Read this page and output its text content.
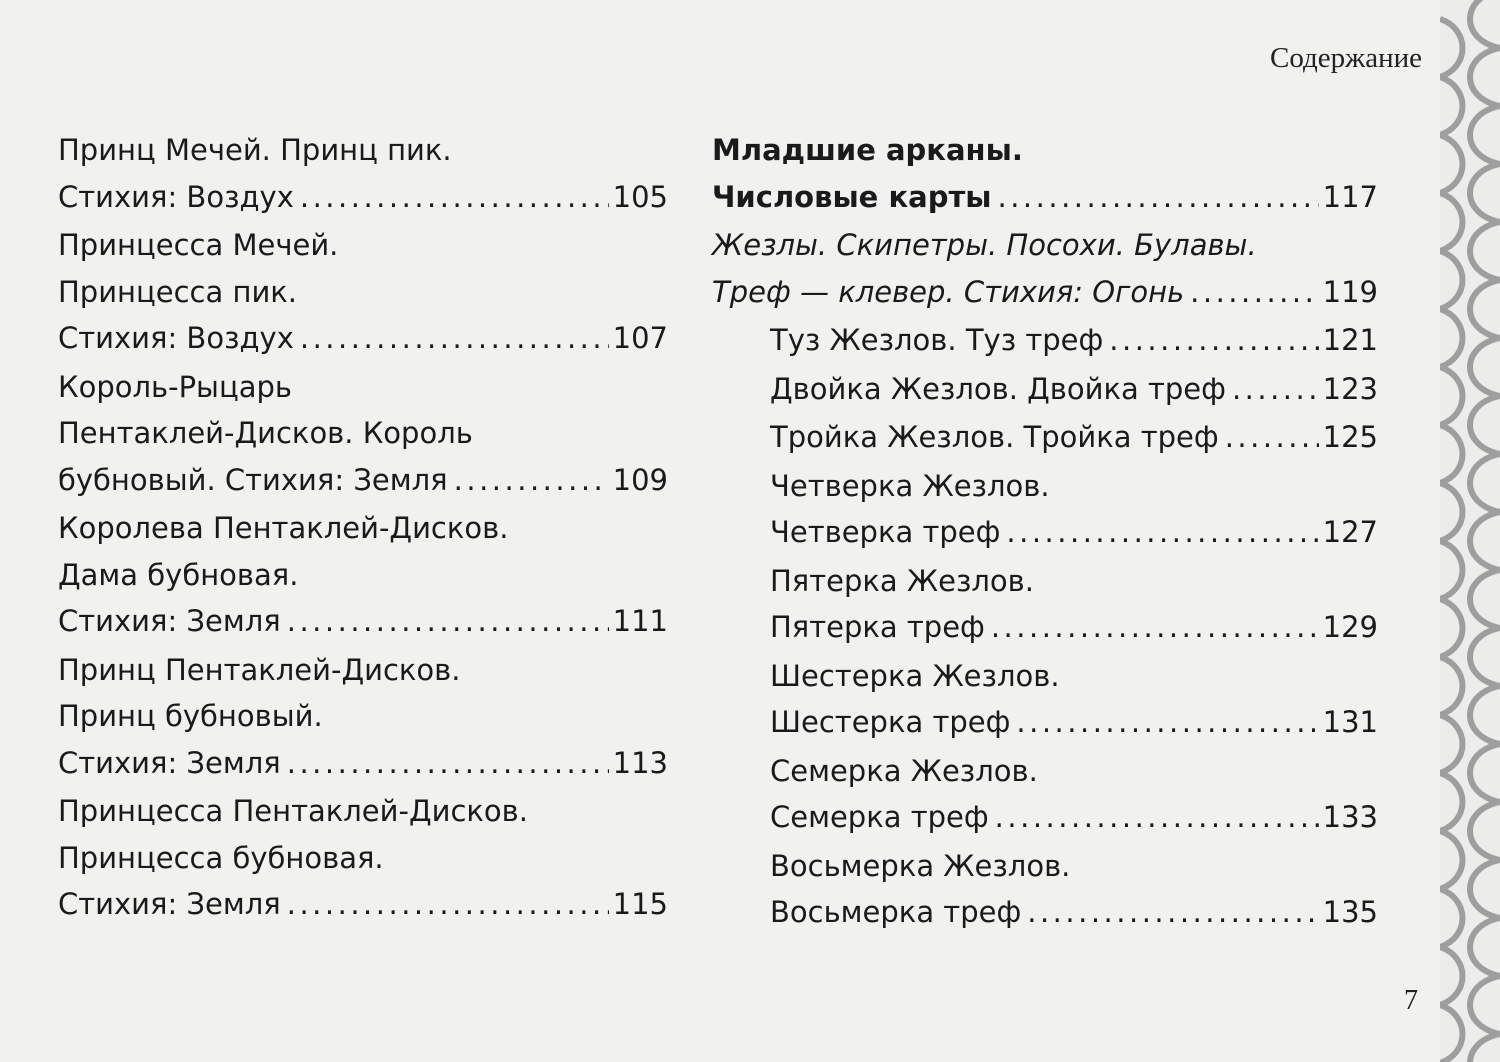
Содержание
Принц Мечей. Принц пик.
Стихия: Воздух .....	105
Принцесса Мечей.
Принцесса пик.
Стихия: Воздух .....	107
Король-Рыцарь
Пентаклей-Дисков. Король
бубновый. Стихия: Земля .....	109
Королева Пентаклей-Дисков.
Дама бубновая.
Стихия: Земля .....	111
Принц Пентаклей-Дисков.
Принц бубновый.
Стихия: Земля .....	113
Принцесса Пентаклей-Дисков.
Принцесса бубновая.
Стихия: Земля .....	115
Младшие арканы.
Числовые карты .....	117
Жезлы. Скипетры. Посохи. Булавы.
Треф — клевер. Стихия: Огонь .....	119
Туз Жезлов. Туз треф .....	121
Двойка Жезлов. Двойка треф .....	123
Тройка Жезлов. Тройка треф .....	125
Четверка Жезлов.
Четверка треф .....	127
Пятерка Жезлов.
Пятерка треф .....	129
Шестерка Жезлов.
Шестерка треф .....	131
Семерка Жезлов.
Семерка треф .....	133
Восьмерка Жезлов.
Восьмерка треф .....	135
7
